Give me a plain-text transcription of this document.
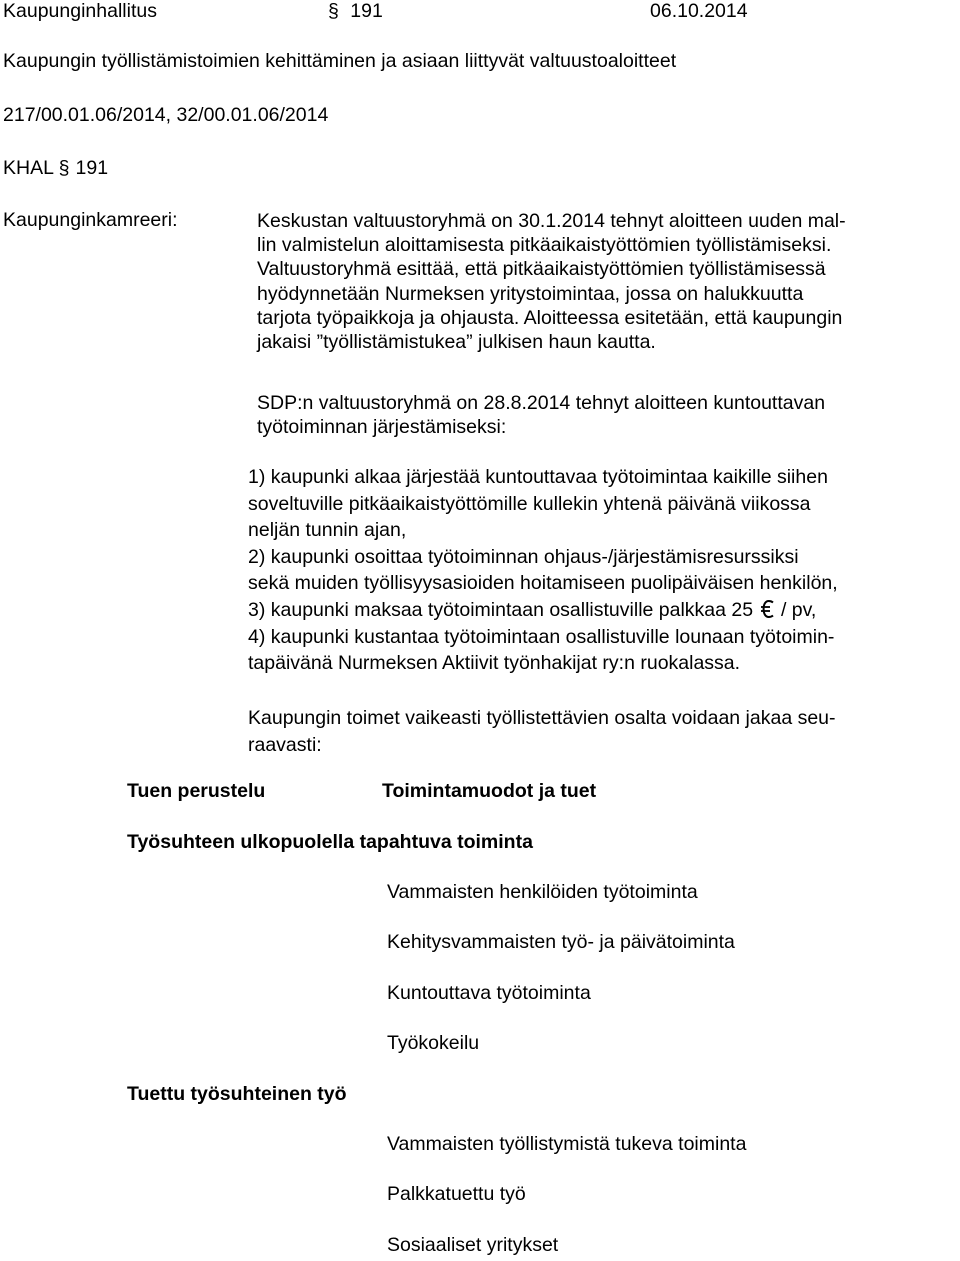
Kaupunginhallitus	§ 191	06.10.2014
Kaupungin työllistämistoimien kehittäminen ja asiaan liittyvät valtuustoaloitteet
217/00.01.06/2014, 32/00.01.06/2014
KHAL § 191
Kaupunginkamreeri:	Keskustan valtuustoryhmä on 30.1.2014 tehnyt aloitteen uuden mal-
lin valmistelun aloittamisesta pitkäaikaistyöttömien työllistämiseksi.
Valtuustoryhmä esittää, että pitkäaikaistyöttömien työllistämisessä
hyödynnetään Nurmeksen yritystoimintaa, jossa on halukkuutta
tarjota työpaikkoja ja ohjausta. Aloitteessa esitetään, että kaupungin
jakaisi ”työllistämistukea” julkisen haun kautta.
SDP:n valtuustoryhmä on 28.8.2014 tehnyt aloitteen kuntouttavan
työtoiminnan järjestämiseksi:
1) kaupunki alkaa järjestää kuntouttavaa työtoimintaa kaikille siihen
soveltuville pitkäaikaistyöttömille kullekin yhtenä päivänä viikossa
neljän tunnin ajan,
2) kaupunki osoittaa työtoiminnan ohjaus-/järjestämisresurssiksi
sekä muiden työllisyysasioiden hoitamiseen puolipäiväisen henkilön,
3) kaupunki maksaa työtoimintaan osallistuville palkkaa 25 / pv,
4) kaupunki kustantaa työtoimintaan osallistuville lounaan työtoimin-
tapäivänä Nurmeksen Aktiivit työnhakijat ry:n ruokalassa.
Kaupungin toimet vaikeasti työllistettävien osalta voidaan jakaa seu-
raavasti:
Tuen perustelu	Toimintamuodot ja tuet
Työsuhteen ulkopuolella tapahtuva toiminta
Vammaisten henkilöiden työtoiminta
Kehitysvammaisten työ- ja päivätoiminta
Kuntouttava työtoiminta
Työkokeilu
Tuettu työsuhteinen työ
Vammaisten työllistymistä tukeva toiminta
Palkkatuettu työ
Sosiaaliset yritykset
